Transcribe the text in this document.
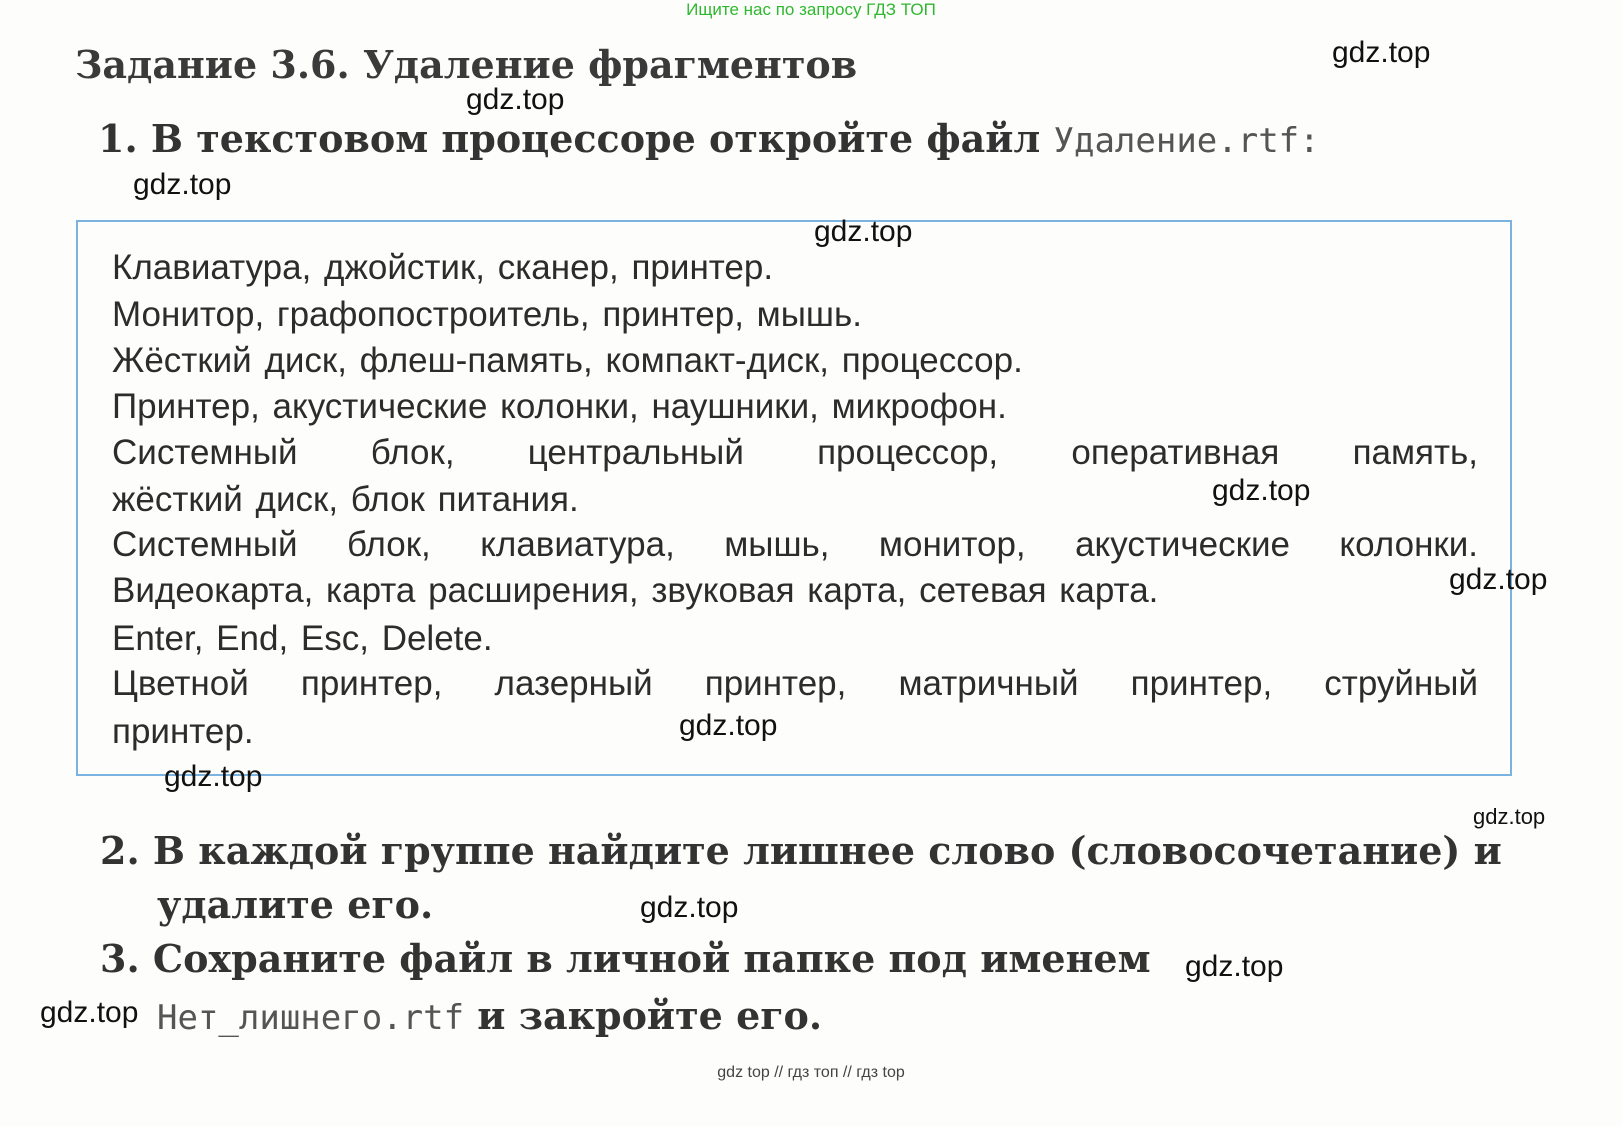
Ищите нас по запросу ГДЗ ТОП
Задание 3.6. Удаление фрагментов
1. В текстовом процессоре откройте файл Удаление.rtf:
Клавиатура, джойстик, сканер, принтер.
Монитор, графопостроитель, принтер, мышь.
Жёсткий диск, флеш-память, компакт-диск, процессор.
Принтер, акустические колонки, наушники, микрофон.
Системный блок, центральный процессор, оперативная память,
жёсткий диск, блок питания.
Системный блок, клавиатура, мышь, монитор, акустические колонки.
Видеокарта, карта расширения, звуковая карта, сетевая карта.
Enter, End, Esc, Delete.
Цветной принтер, лазерный принтер, матричный принтер, струйный
принтер.
2. В каждой группе найдите лишнее слово (словосочетание) и
удалите его.
3. Сохраните файл в личной папке под именем
Нет_лишнего.rtf и закройте его.
gdz.top
gdz.top
gdz.top
gdz.top
gdz.top
gdz.top
gdz.top
gdz.top
gdz.top
gdz.top
gdz.top
gdz.top
gdz top // гдз топ // гдз top
